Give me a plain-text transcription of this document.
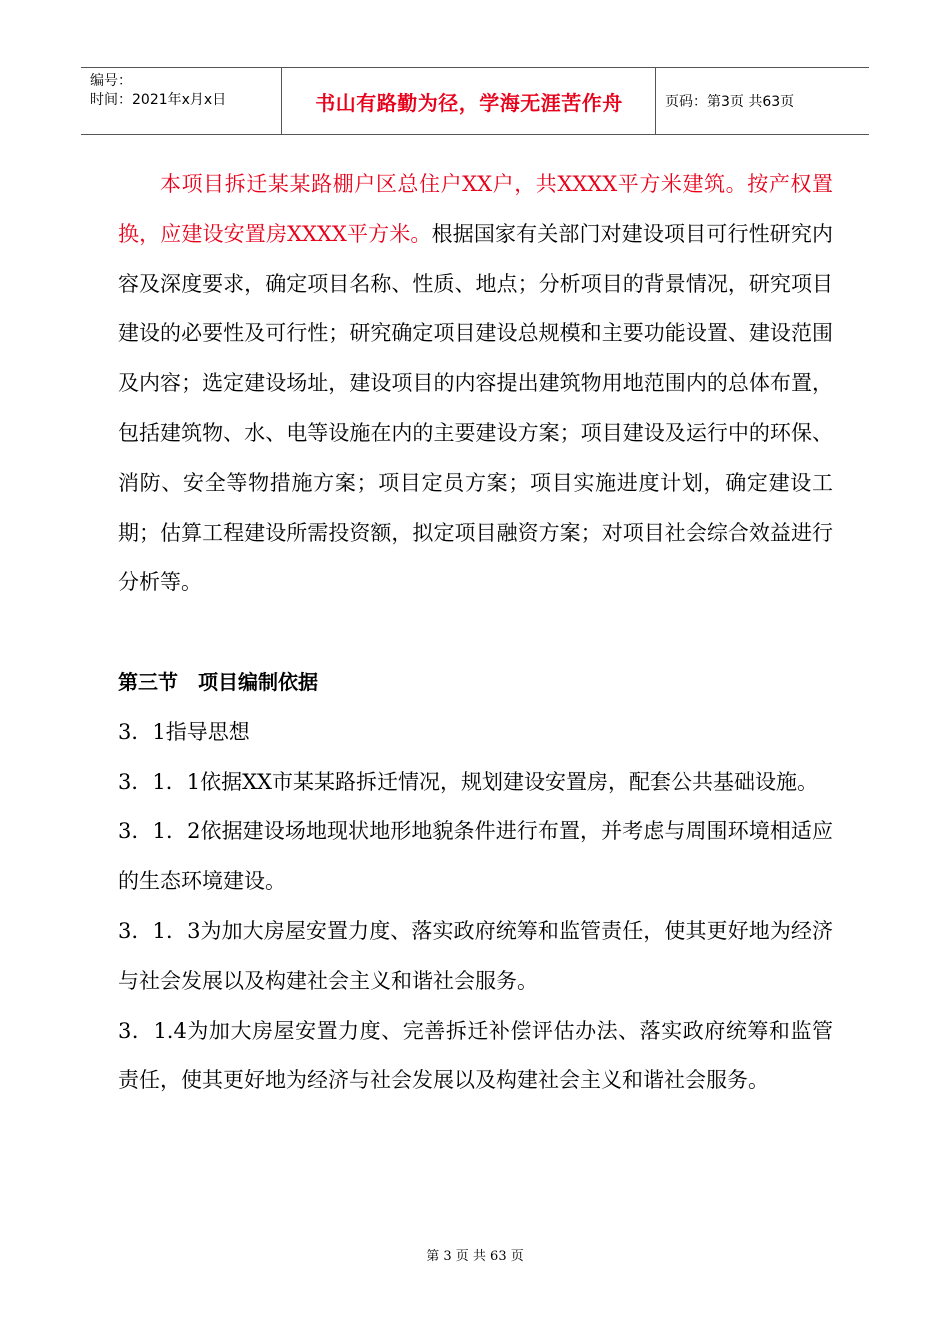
编号：
时间：2021年x月x日	书山有路勤为径，学海无涯苦作舟	页码：第3页 共63页

本项目拆迁某某路棚户区总住户XX户，共XXXX平方米建筑。按产权置换，应建设安置房XXXX平方米。根据国家有关部门对建设项目可行性研究内容及深度要求，确定项目名称、性质、地点；分析项目的背景情况，研究项目建设的必要性及可行性；研究确定项目建设总规模和主要功能设置、建设范围及内容；选定建设场址，建设项目的内容提出建筑物用地范围内的总体布置，包括建筑物、水、电等设施在内的主要建设方案；项目建设及运行中的环保、消防、安全等物措施方案；项目定员方案；项目实施进度计划，确定建设工期；估算工程建设所需投资额，拟定项目融资方案；对项目社会综合效益进行分析等。

第三节　项目编制依据

3．1指导思想

3．1．1依据XX市某某路拆迁情况，规划建设安置房，配套公共基础设施。

3．1．2依据建设场地现状地形地貌条件进行布置，并考虑与周围环境相适应的生态环境建设。

3．1．3为加大房屋安置力度、落实政府统筹和监管责任，使其更好地为经济与社会发展以及构建社会主义和谐社会服务。

3．1.4为加大房屋安置力度、完善拆迁补偿评估办法、落实政府统筹和监管责任，使其更好地为经济与社会发展以及构建社会主义和谐社会服务。

第 3 页 共 63 页
